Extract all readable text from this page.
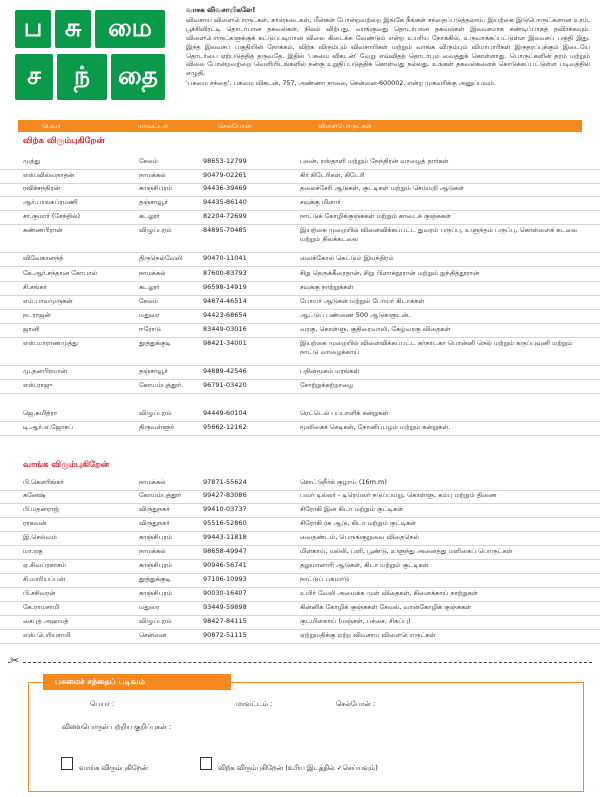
ப சு	மை
ச	ந்	தை
வாசக விவசாயிகளே!
விவசாய விளைபொருட்கள், கால்நடைகள், மீன்கள் போன்றவற்றை இங்கே நீங்கள் சந்தைப்படுத்தலாம். இயற்கை இடுபொருட்களான உரம், பூச்சிவிரட்டி தொடர்பான தகவல்கள், நிலம் விற்பது, வாங்குவது தொடர்பான தகவல்கள் இலவசமாக கண்டிப்பாகத் தவிர்க்கவும். விளைபொருட்களுக்குக் கட்டுப்படியான விலை கிடைக்க வேண்டும் என்ற உயரிய நோக்கில், உருவாக்கப்பட்டுள்ள இலவசப் பகுதி இது. இந்த இலவசப் பகுதியின் நோக்கம், விற்க விரும்பும் விவசாயிகள் மற்றும் வாங்க விரும்பும் வியாபாரிகள் இருதரப்புக்கும் இடையே தொடர்பை ஏற்படுத்தித் தருவதே. இதில் 'பசுமை விகடன்' வேறு எவ்விதத் தொடர்பும் வைத்துக் கொள்ளாது. பொருட்களின் தரம் மற்றும் விலை போன்றவற்றை வெளியிடங்களில் நன்கு உறுதிப்படுத்திக் கொள்வது நல்லது. உங்கள் தகவல்களைக் கொடுக்கப்பட்டுள்ள படிவத்தில் எழுதி,
'பசுமை சந்தை', பசுமை விகடன், 757, அண்ணா சாலை, சென்னை-600002. என்ற முகவரிக்கு அனுப்பவும்.
பெயர்	மாவட்டம்	செல்போன்	விளைபொருட்கள்
விற்க விரும்புகிறேன்
முத்து	சேலம்	98653-12799	புலன், ரஸ்தாளி மற்றும் நேந்திரன் வாழைத் தார்கள்
எஸ்.வில்வநாதன்	நாமக்கல்	90479-02261	கிர் கிடேரிகள், கிடேரி
ரவிச்சந்திரன்	காஞ்சிபுரம்	94436-39469	தலைச்சேரி ஆடுகள், குட்டிகள் மற்றும் செம்மறி ஆடுகள்
ஆர்.பாலசுப்ரமணி	தஞ்சாவூர்	94435-86140	சவுக்கு மிளார்
சா.குமார் (சேந்தில்)	கடலூர்	82204-72699	நாட்டுக் கோழிக்குஞ்சுகள் மற்றும் காடைக் குஞ்சுகள்
கண்ணபிரான்	விழுப்புரம்	84895-70485	இயற்கை முறையில் விளைவிக்கப்பட்ட துவரம் பருப்பு, உளுந்தம் பருப்பு, கொள்ளைக் கடலை மற்றும் நிலக்கடலை
விவேகானந்த்	திருநெல்வேலி	90470-11041	வைக்கோல் கெட்டும் இயந்திரம்
கே.ஆர்.சந்தான கோபால்	நாமக்கல்	87600-83793	சிறு தெருக்கீரைதான், சிறு பிளாக்நூரான் மற்றும் நுந்தித்தூரான்
சி.சங்கர்	கடலூர்	96598-14919	சவுக்கு நாற்றுக்கள்
எம்.பாலமுருகன்	சேலம்	94874-46514	போயர் ஆடுகள் மற்றும் போயர் கிடாக்கள்
நடராஜன்	மதுரை	94423-68654	ஆட்டுப் பண்ணை 500 ஆடுகளுடன்.
ஜானி	ஈரோடு	83449-03016	வரகு, கொள்ளு, குதிரைவாலி, கேழ்வரகு விதைகள்
எஸ்.மாராணமுத்து	தூத்துக்குடி	98421-34001	இயற்கை முறையில் விளைவிக்கப்பட்ட கர்நாடகா பொன்னி நெல் மற்றும் கருப்புவுனி மற்றும் நாட்டு வாழைக்காய்
மு.தனபிரமான்	தஞ்சாவூர்	94889-42546	பதினமூகம் மரங்கள்
எஸ்.ராஜு	கோயம்புத்தூர்.	96791-03420	சோற்றுக்கற்றாழை
ஜெ.சுமித்ரா	விழுப்புரம்	94449-60104	ரெட்டெல் பப்பாளிக் கன்றுகள்
டி.ஆர்.எ.ஜோசப்	திருவள்ளூர்	95662-12162	மூலிகைச் செடிகள், நோனிப்பழம் மற்றும் கன்றுகள்.
வாங்க விரும்புகிறேன்
பி.கௌரிங்கர்	நாமக்கல்	97871-55624	சொட்டுநீர்க் குழாய் (16m.m)
சுனேஷ்	கோயம்புத்தூர்	99427-83086	பவர் டில்லர் - டிரெய்லர் நடுப்பயறு, கொள்ளு, கம்பு மற்றும் திணை
பி.மதன்ராஜ்	விருதுநகர்	99410-03737	சிரோகி இன கிடா மற்றும் குட்டிகள்
ராகவன்	விருதுநகர்	95516-52860	சிரோகி ரக ஆடு, கிடா மற்றும் குட்டிகள்
இ.செல்வம்	காஞ்சிபுரம்	99443-11818	வைதண்டம், பெருங்குறுவை விதைநெல்
மா.ரகு	நாமக்கல்	98658-49947	மிளகாய், மல்லி, புளி, பூண்டு, உளுந்து அனைத்து மளிகைப் பொருட்கள்
ஏ.சிவப்ரகாசம்	காஞ்சிபுரம்	90946-56741	தலுமானாரி ஆடுகள், கிடா மற்றும் குட்டிகள்
சி.மாரியப்பன்	தூத்துக்குடி	97106-10993	நாட்டுப் பசுமாடு
பி.சசிவரன்	காஞ்சிபுரம்	90030-16407	உயிர் வேலி அமைக்க முள் விதைகள், கிளைக்காய் நாற்றுகள்
கே.ராமசாமி	மதுரை	93449-59898	கின்னிக் கோழிக் குஞ்சுகள் சேவல், வான்கோழிக் குஞ்சுகள்
சைபுத் அஹமத்	விழுப்புரம்	98427-84115	குடமிளகாய் (மஞ்சள், பச்சை, சிகப்பு)
எஸ்.பெரியசாமி	சென்னை	90872-51115	ஏற்றுமதிக்கு ஏற்ற விவசாய விளைபொருட்கள்
✂
பசுமைச் சந்தைப் படிவம்
பெயர் :	மாவட்டம் :	செல்போன் :
விளைபொருள் பற்றிய குறிப்புகள் :
வாங்க விரும்புகிறேன்	விற்க விரும்புகிறேன் (உரிய இடத்தில் ✓செய்யவும்)
